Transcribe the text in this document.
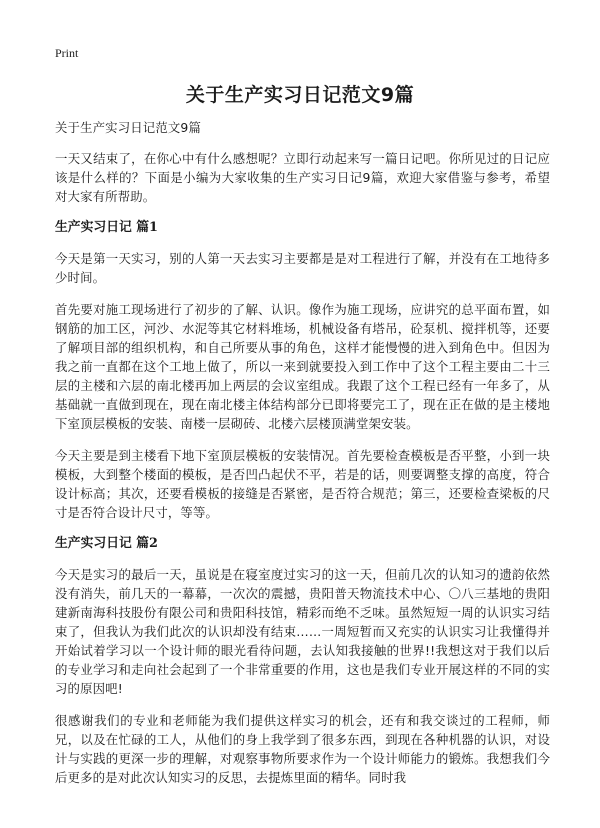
Print
关于生产实习日记范文9篇

关于生产实习日记范文9篇

一天又结束了，在你心中有什么感想呢？立即行动起来写一篇日记吧。你所见过的日记应该是什么样的？下面是小编为大家收集的生产实习日记9篇，欢迎大家借鉴与参考，希望对大家有所帮助。

生产实习日记 篇1

今天是第一天实习，别的人第一天去实习主要都是是对工程进行了解，并没有在工地待多少时间。

首先要对施工现场进行了初步的了解、认识。像作为施工现场，应讲究的总平面布置，如钢筋的加工区，河沙、水泥等其它材料堆场，机械设备有塔吊，砼泵机、搅拌机等，还要了解项目部的组织机构，和自己所要从事的角色，这样才能慢慢的进入到角色中。但因为我之前一直都在这个工地上做了，所以一来到就要投入到工作中了这个工程主要由二十三层的主楼和六层的南北楼再加上两层的会议室组成。我跟了这个工程已经有一年多了，从基础就一直做到现在，现在南北楼主体结构部分已即将要完工了，现在正在做的是主楼地下室顶层模板的安装、南楼一层砌砖、北楼六层楼顶满堂架安装。

今天主要是到主楼看下地下室顶层模板的安装情况。首先要检查模板是否平整，小到一块模板，大到整个楼面的模板，是否凹凸起伏不平，若是的话，则要调整支撑的高度，符合设计标高；其次，还要看模板的接缝是否紧密，是否符合规范；第三，还要检查梁板的尺寸是否符合设计尺寸，等等。

生产实习日记 篇2

今天是实习的最后一天，虽说是在寝室度过实习的这一天，但前几次的认知习的遗韵依然没有消失，前几天的一幕幕，一次次的震撼，贵阳普天物流技术中心、〇八三基地的贵阳建新南海科技股份有限公司和贵阳科技馆，精彩而绝不乏味。虽然短短一周的认识实习结束了，但我认为我们此次的认识却没有结束……一周短暂而又充实的认识实习让我懂得并开始试着学习以一个设计师的眼光看待问题，去认知我接触的世界!!我想这对于我们以后的专业学习和走向社会起到了一个非常重要的作用，这也是我们专业开展这样的不同的实习的原因吧!

很感谢我们的专业和老师能为我们提供这样实习的机会，还有和我交谈过的工程师，师兄，以及在忙碌的工人，从他们的身上我学到了很多东西，到现在各种机器的认识，对设计与实践的更深一步的理解，对观察事物所要求作为一个设计师能力的锻炼。我想我们今后更多的是对此次认知实习的反思，去提炼里面的精华。同时我
